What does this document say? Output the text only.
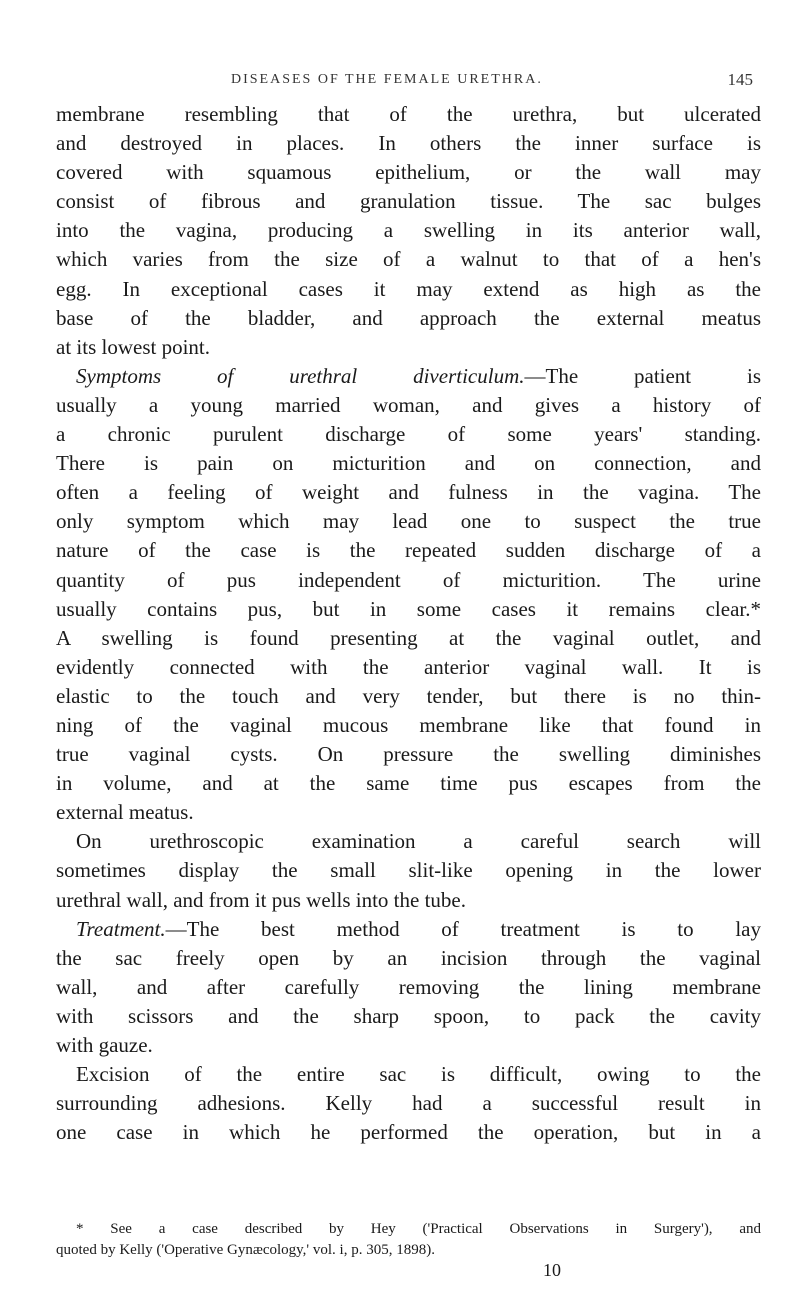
DISEASES OF THE FEMALE URETHRA.	145
membrane resembling that of the urethra, but ulcerated
and destroyed in places. In others the inner surface is
covered with squamous epithelium, or the wall may
consist of fibrous and granulation tissue. The sac bulges
into the vagina, producing a swelling in its anterior wall,
which varies from the size of a walnut to that of a hen's
egg. In exceptional cases it may extend as high as the
base of the bladder, and approach the external meatus
at its lowest point.
Symptoms of urethral diverticulum.—The patient is
usually a young married woman, and gives a history of
a chronic purulent discharge of some years' standing.
There is pain on micturition and on connection, and
often a feeling of weight and fulness in the vagina. The
only symptom which may lead one to suspect the true
nature of the case is the repeated sudden discharge of a
quantity of pus independent of micturition. The urine
usually contains pus, but in some cases it remains clear.*
A swelling is found presenting at the vaginal outlet, and
evidently connected with the anterior vaginal wall. It is
elastic to the touch and very tender, but there is no thin-
ning of the vaginal mucous membrane like that found in
true vaginal cysts. On pressure the swelling diminishes
in volume, and at the same time pus escapes from the
external meatus.
On urethroscopic examination a careful search will
sometimes display the small slit-like opening in the lower
urethral wall, and from it pus wells into the tube.
Treatment.—The best method of treatment is to lay
the sac freely open by an incision through the vaginal
wall, and after carefully removing the lining membrane
with scissors and the sharp spoon, to pack the cavity
with gauze.
Excision of the entire sac is difficult, owing to the
surrounding adhesions. Kelly had a successful result in
one case in which he performed the operation, but in a
* See a case described by Hey ('Practical Observations in Surgery'), and
quoted by Kelly ('Operative Gynæcology,' vol. i, p. 305, 1898).
10
